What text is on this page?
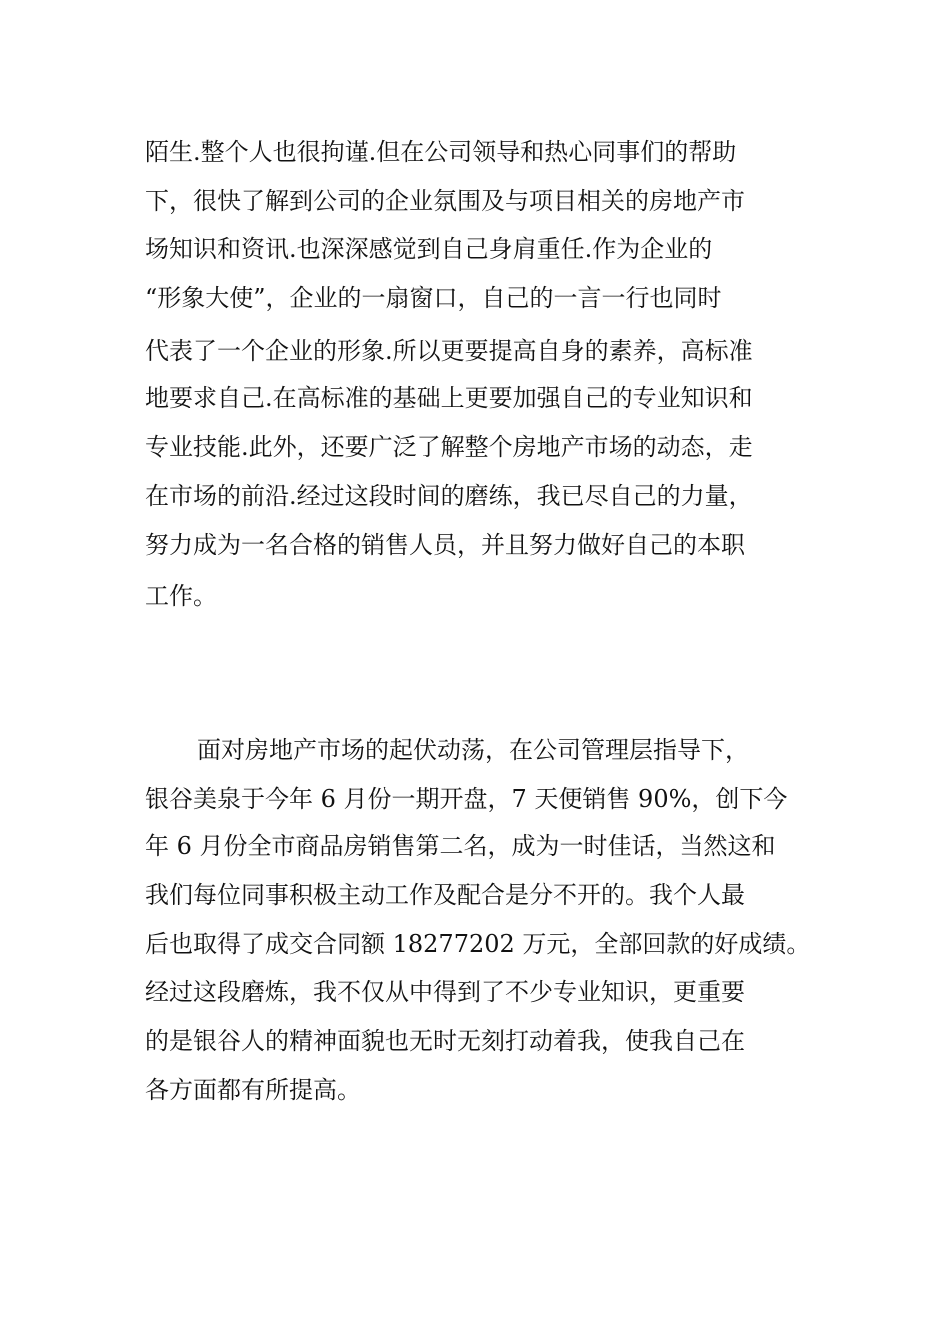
陌生.整个人也很拘谨.但在公司领导和热心同事们的帮助
下，很快了解到公司的企业氛围及与项目相关的房地产市
场知识和资讯.也深深感觉到自己身肩重任.作为企业的
“形象大使”，企业的一扇窗口，自己的一言一行也同时
代表了一个企业的形象.所以更要提高自身的素养，高标准
地要求自己.在高标准的基础上更要加强自己的专业知识和
专业技能.此外，还要广泛了解整个房地产市场的动态，走
在市场的前沿.经过这段时间的磨练，我已尽自己的力量，
努力成为一名合格的销售人员，并且努力做好自己的本职
工作。
面对房地产市场的起伏动荡，在公司管理层指导下，
银谷美泉于今年 6 月份一期开盘，7 天便销售 90%，创下今
年 6 月份全市商品房销售第二名，成为一时佳话，当然这和
我们每位同事积极主动工作及配合是分不开的。我个人最
后也取得了成交合同额 18277202 万元，全部回款的好成绩。
经过这段磨炼，我不仅从中得到了不少专业知识，更重要
的是银谷人的精神面貌也无时无刻打动着我，使我自己在
各方面都有所提高。
